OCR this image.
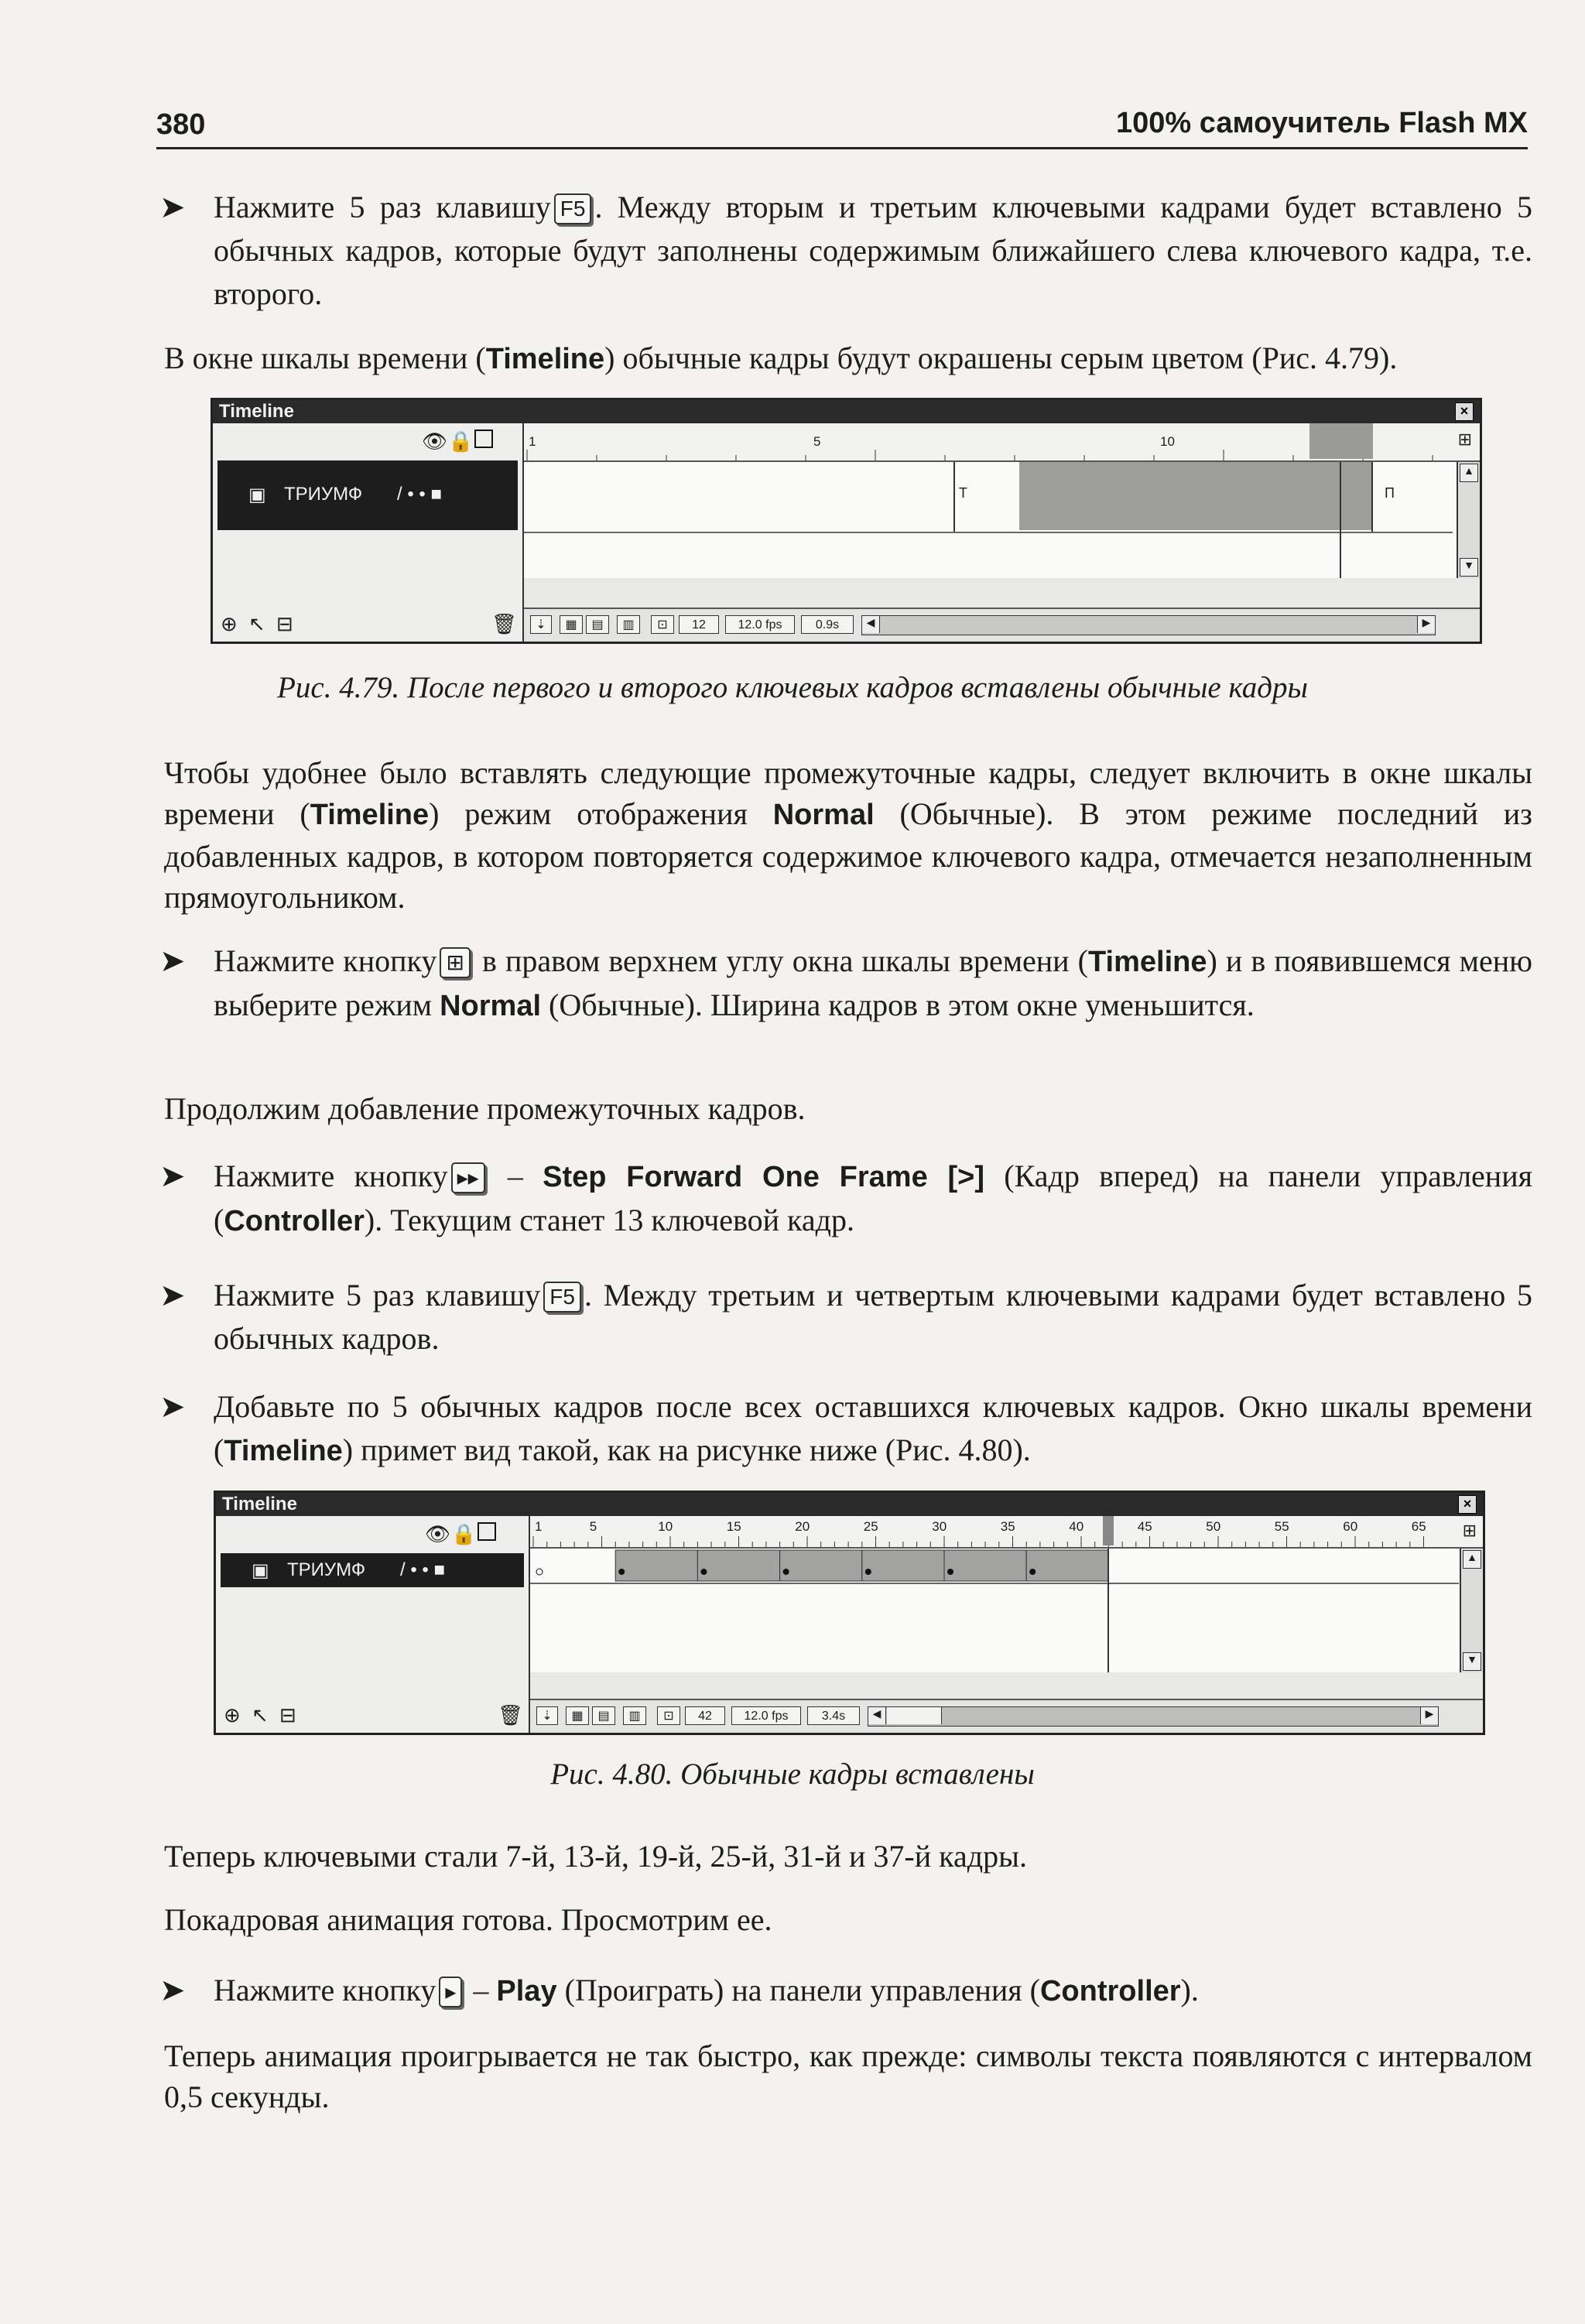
380	100% самоучитель Flash MX
➤ Нажмите 5 раз клавишу F5 . Между вторым и третьим ключевыми кадрами будет вставлено 5 обычных кадров, которые будут заполнены содержимым ближайшего слева ключевого кадра, т.е. второго.
В окне шкалы времени (Timeline) обычные кадры будут окрашены серым цветом (Рис. 4.79).
Timeline	×
👁 🔒
▣ ТРИУМФ / • • ■
⊕ ↖ ⊟	🗑
1	5	10	⊞
T	П
▲
▼
⇣	▦	▤	▥	⊡	12	12.0 fps	0.9s	◀	▶
Рис. 4.79. После первого и второго ключевых кадров вставлены обычные кадры
Чтобы удобнее было вставлять следующие промежуточные кадры, следует включить в окне шкалы времени (Timeline) режим отображения Normal (Обычные). В этом режиме последний из добавленных кадров, в котором повторяется содержимое ключевого кадра, отмечается незаполненным прямоугольником.
➤ Нажмите кнопку ⊞ в правом верхнем углу окна шкалы времени (Timeline) и в появившемся меню выберите режим Normal (Обычные). Ширина кадров в этом окне уменьшится.
Продолжим добавление промежуточных кадров.
➤ Нажмите кнопку ▸▸ – Step Forward One Frame [>] (Кадр вперед) на панели управления (Controller). Текущим станет 13 ключевой кадр.
➤ Нажмите 5 раз клавишу F5 . Между третьим и четвертым ключевыми кадрами будет вставлено 5 обычных кадров.
➤ Добавьте по 5 обычных кадров после всех оставшихся ключевых кадров. Окно шкалы времени (Timeline) примет вид такой, как на рисунке ниже (Рис. 4.80).
Timeline	×
👁 🔒
▣ ТРИУМФ / • • ■
⊕ ↖ ⊟	🗑
1	5	10	15	20	25	30	35	40	45	50	55	60	65 ⊞
▲
▼
⇣	▦	▤	▥	⊡	42	12.0 fps	3.4s	◀	▶
Рис. 4.80. Обычные кадры вставлены
Теперь ключевыми стали 7-й, 13-й, 19-й, 25-й, 31-й и 37-й кадры.
Покадровая анимация готова. Просмотрим ее.
➤ Нажмите кнопку ▸ – Play (Проиграть) на панели управления (Controller).
Теперь анимация проигрывается не так быстро, как прежде: символы текста появляются с интервалом 0,5 секунды.
